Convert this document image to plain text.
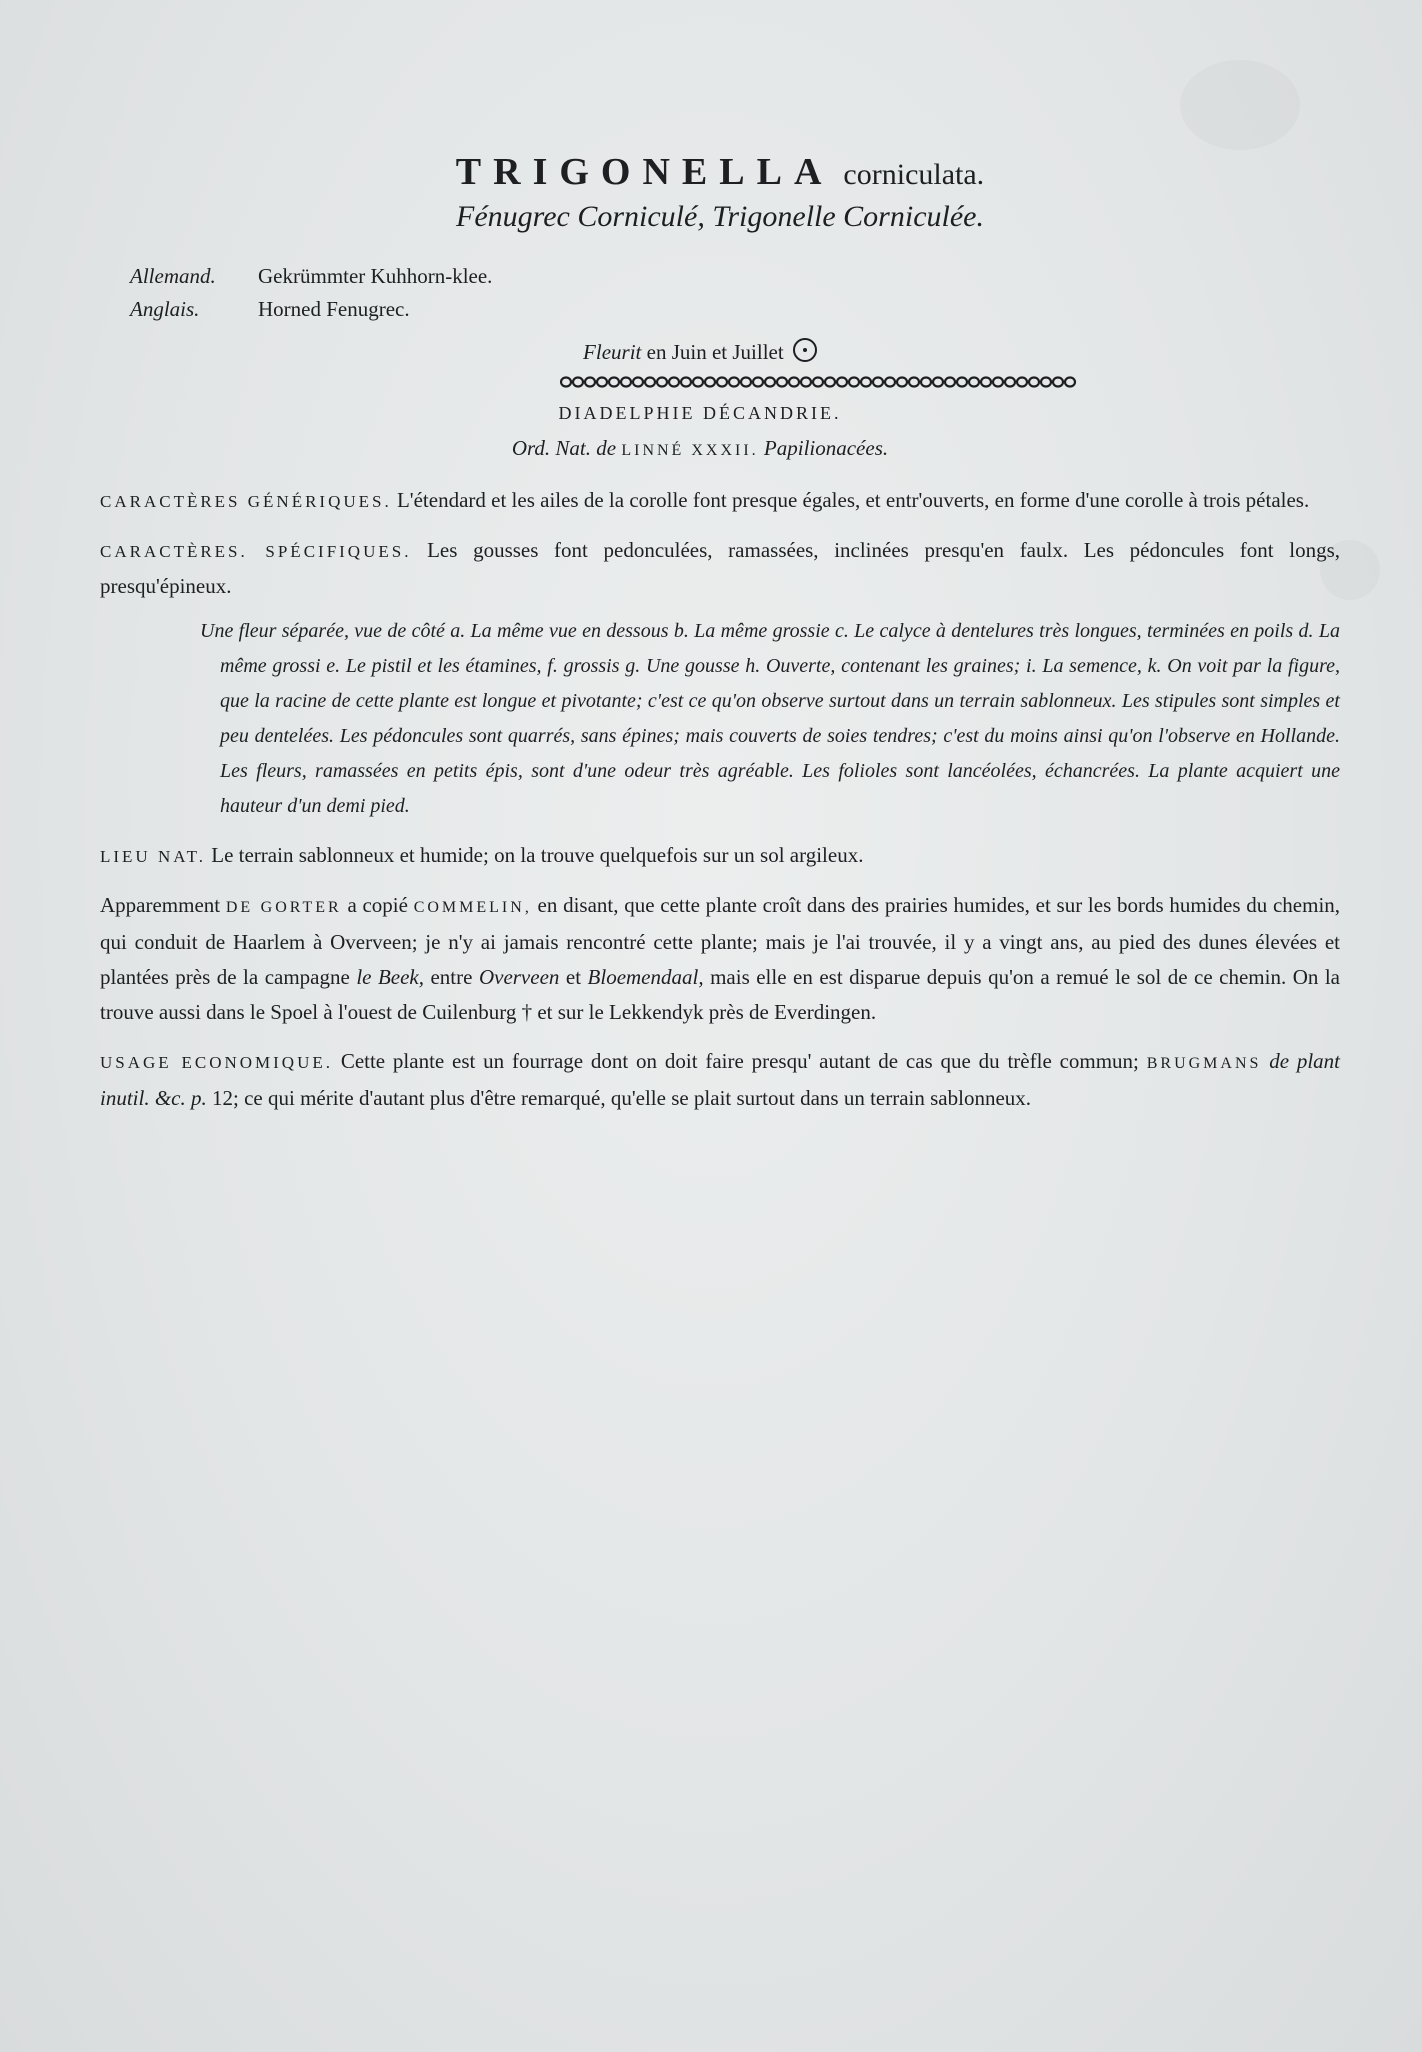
TRIGONELLA corniculata.
Fénugrec Corniculé, Trigonelle Corniculée.
Allemand.	Gekrümmter Kuhhorn-klee.
Anglais.	Horned Fenugrec.
Fleurit en Juin et Juillet
DIADELPHIE DÉCANDRIE.
Ord. Nat. de LINNÉ XXXII. Papilionacées.
CARACTÈRES GÉNÉRIQUES. L'étendard et les ailes de la corolle font presque égales, et entr'ouverts, en forme d'une corolle à trois pétales.
CARACTÈRES. SPÉCIFIQUES. Les gousses font pedonculées, ramassées, inclinées presqu'en faulx. Les pédoncules font longs, presqu'épineux.
Une fleur séparée, vue de côté a. La même vue en dessous b. La même grossie c. Le calyce à dentelures très longues, terminées en poils d. La même grossi e. Le pistil et les étamines, f. grossis g. Une gousse h. Ouverte, contenant les graines; i. La semence, k. On voit par la figure, que la racine de cette plante est longue et pivotante; c'est ce qu'on observe surtout dans un terrain sablonneux. Les stipules sont simples et peu dentelées. Les pédoncules sont quarrés, sans épines; mais couverts de soies tendres; c'est du moins ainsi qu'on l'observe en Hollande. Les fleurs, ramassées en petits épis, sont d'une odeur très agréable. Les folioles sont lancéolées, échancrées. La plante acquiert une hauteur d'un demi pied.
LIEU NAT. Le terrain sablonneux et humide; on la trouve quelquefois sur un sol argileux.
Apparemment DE GORTER a copié COMMELIN, en disant, que cette plante croît dans des prairies humides, et sur les bords humides du chemin, qui conduit de Haarlem à Overveen; je n'y ai jamais rencontré cette plante; mais je l'ai trouvée, il y a vingt ans, au pied des dunes élevées et plantées près de la campagne le Beek, entre Overveen et Bloemendaal, mais elle en est disparue depuis qu'on a remué le sol de ce chemin. On la trouve aussi dans le Spoel à l'ouest de Cuilenburg † et sur le Lekkendyk près de Everdingen.
USAGE ECONOMIQUE. Cette plante est un fourrage dont on doit faire presqu' autant de cas que du trèfle commun; BRUGMANS de plant inutil. &c. p. 12; ce qui mérite d'autant plus d'être remarqué, qu'elle se plait surtout dans un terrain sablonneux.
